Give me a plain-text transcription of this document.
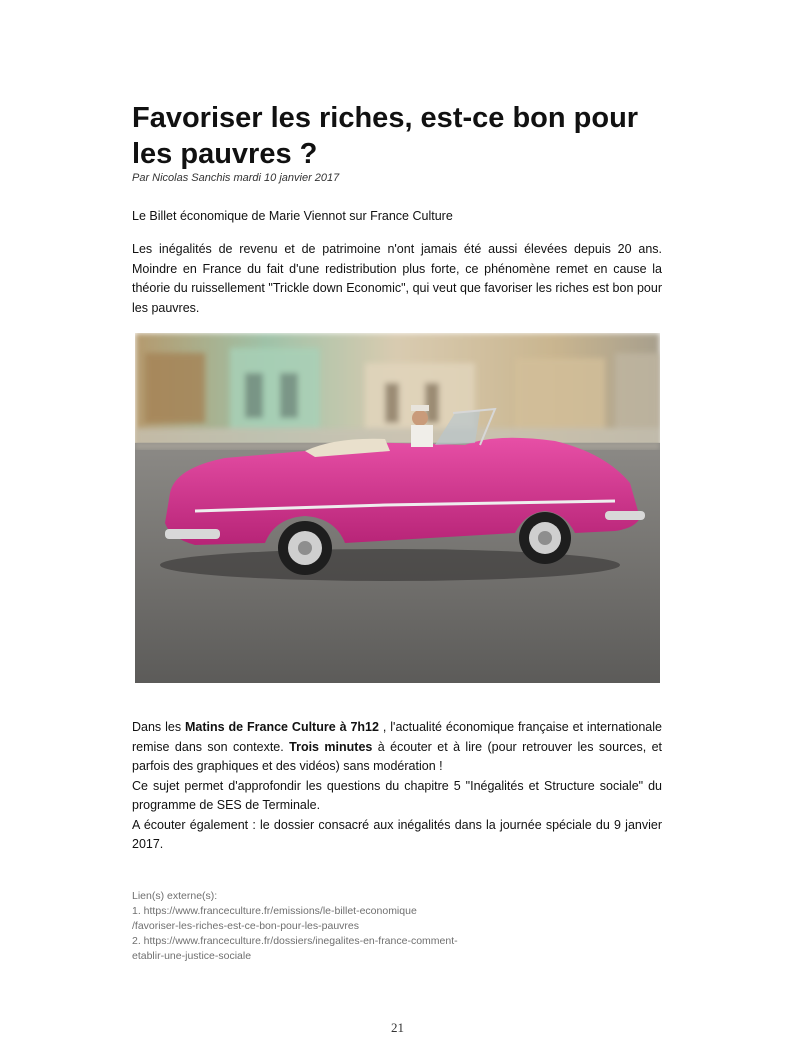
Favoriser les riches, est-ce bon pour les pauvres ?
Par Nicolas Sanchis mardi 10 janvier 2017
Le Billet économique de Marie Viennot sur France Culture

Les inégalités de revenu et de patrimoine n'ont jamais été aussi élevées depuis 20 ans. Moindre en France du fait d'une redistribution plus forte, ce phénomène remet en cause la théorie du ruissellement "Trickle down Economic", qui veut que favoriser les riches est bon pour les pauvres.

Dans les Matins de France Culture à 7h12 , l'actualité économique française et internationale remise dans son contexte. Trois minutes à écouter et à lire (pour retrouver les sources, et parfois des graphiques et des vidéos) sans modération !
Ce sujet permet d'approfondir les questions du chapitre 5 "Inégalités et Structure sociale" du programme de SES de Terminale.
A écouter également : le dossier consacré aux inégalités dans la journée spéciale du 9 janvier 2017.
Lien(s) externe(s):
1. https://www.franceculture.fr/emissions/le-billet-economique
/favoriser-les-riches-est-ce-bon-pour-les-pauvres
2. https://www.franceculture.fr/dossiers/inegalites-en-france-comment-
etablir-une-justice-sociale
21
